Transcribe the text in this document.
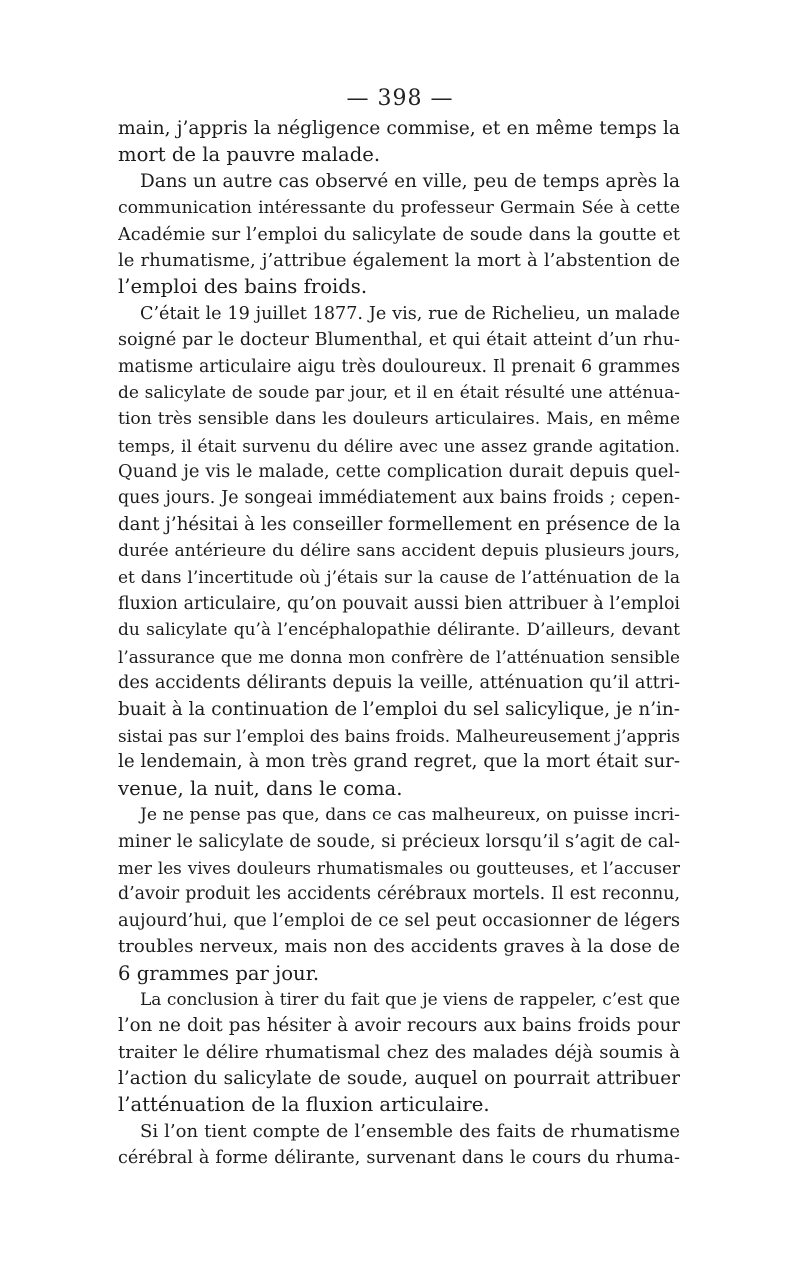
— 398 —
main, j’appris la négligence commise, et en même temps la
mort de la pauvre malade.
Dans un autre cas observé en ville, peu de temps après la
communication intéressante du professeur Germain Sée à cette
Académie sur l’emploi du salicylate de soude dans la goutte et
le rhumatisme, j’attribue également la mort à l’abstention de
l’emploi des bains froids.
C’était le 19 juillet 1877. Je vis, rue de Richelieu, un malade
soigné par le docteur Blumenthal, et qui était atteint d’un rhu-
matisme articulaire aigu très douloureux. Il prenait 6 grammes
de salicylate de soude par jour, et il en était résulté une atténua-
tion très sensible dans les douleurs articulaires. Mais, en même
temps, il était survenu du délire avec une assez grande agitation.
Quand je vis le malade, cette complication durait depuis quel-
ques jours. Je songeai immédiatement aux bains froids ; cepen-
dant j’hésitai à les conseiller formellement en présence de la
durée antérieure du délire sans accident depuis plusieurs jours,
et dans l’incertitude où j’étais sur la cause de l’atténuation de la
fluxion articulaire, qu’on pouvait aussi bien attribuer à l’emploi
du salicylate qu’à l’encéphalopathie délirante. D’ailleurs, devant
l’assurance que me donna mon confrère de l’atténuation sensible
des accidents délirants depuis la veille, atténuation qu’il attri-
buait à la continuation de l’emploi du sel salicylique, je n’in-
sistai pas sur l’emploi des bains froids. Malheureusement j’appris
le lendemain, à mon très grand regret, que la mort était sur-
venue, la nuit, dans le coma.
Je ne pense pas que, dans ce cas malheureux, on puisse incri-
miner le salicylate de soude, si précieux lorsqu’il s’agit de cal-
mer les vives douleurs rhumatismales ou goutteuses, et l’accuser
d’avoir produit les accidents cérébraux mortels. Il est reconnu,
aujourd’hui, que l’emploi de ce sel peut occasionner de légers
troubles nerveux, mais non des accidents graves à la dose de
6 grammes par jour.
La conclusion à tirer du fait que je viens de rappeler, c’est que
l’on ne doit pas hésiter à avoir recours aux bains froids pour
traiter le délire rhumatismal chez des malades déjà soumis à
l’action du salicylate de soude, auquel on pourrait attribuer
l’atténuation de la fluxion articulaire.
Si l’on tient compte de l’ensemble des faits de rhumatisme
cérébral à forme délirante, survenant dans le cours du rhuma-
